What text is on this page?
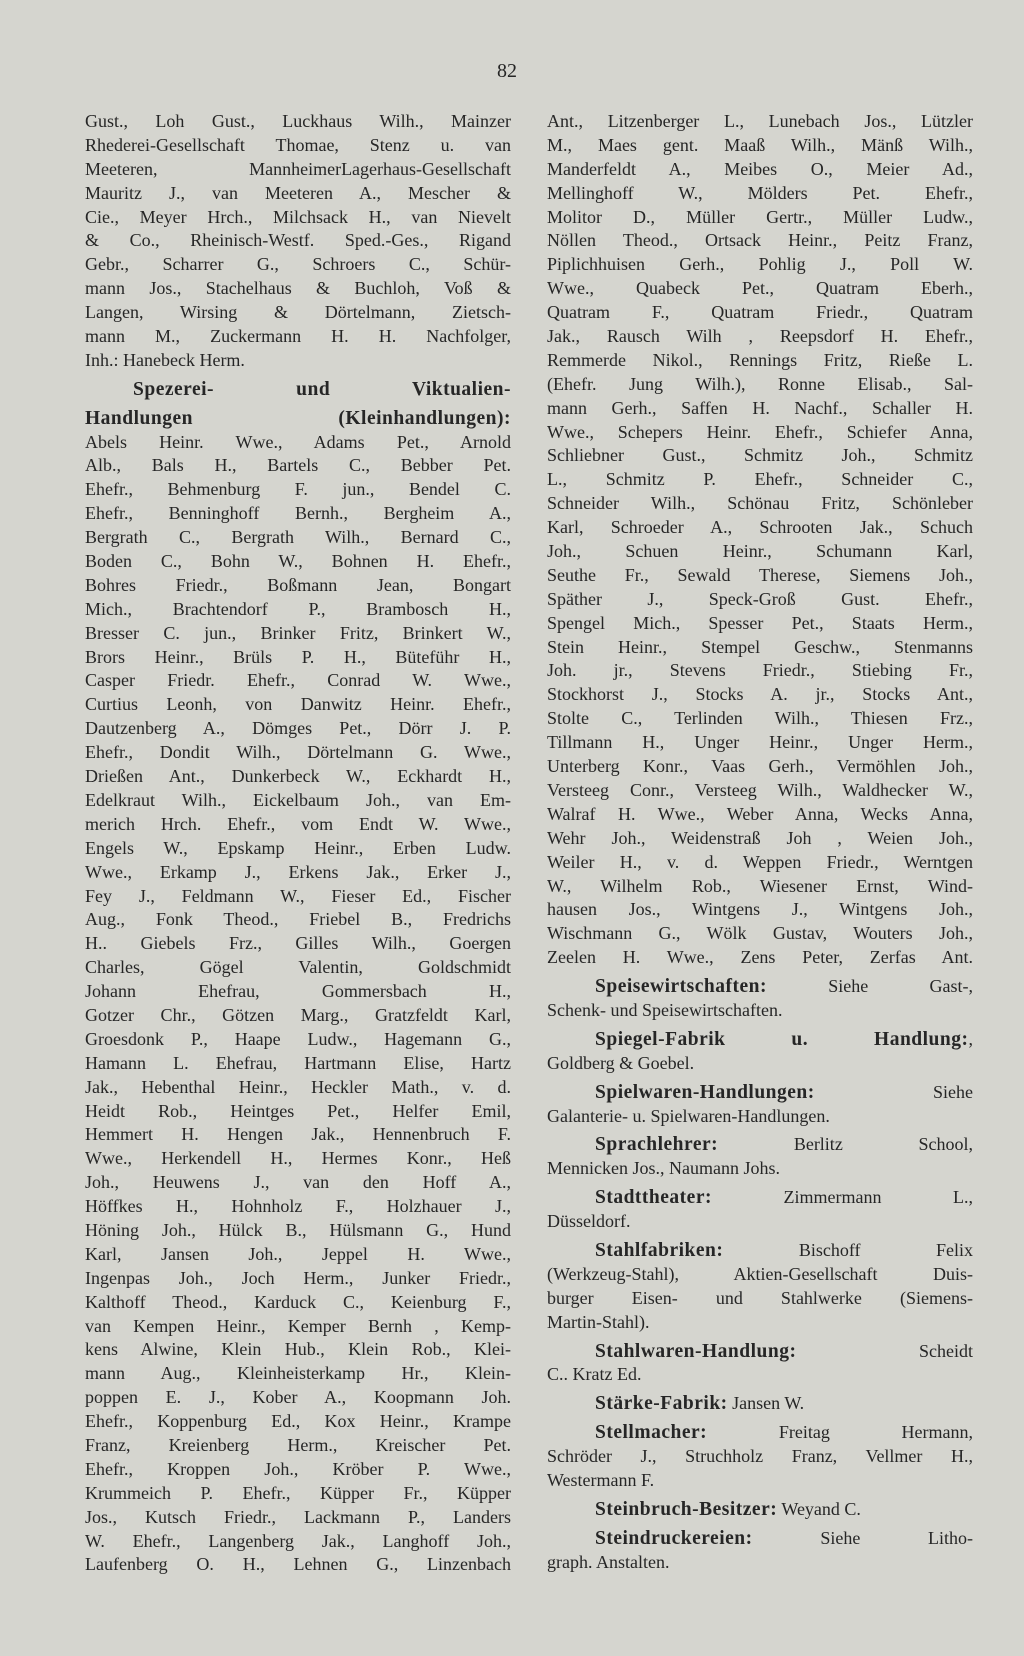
82
Gust., Loh Gust., Luckhaus Wilh., Mainzer
Rhederei-Gesellschaft Thomae, Stenz u. van
Meeteren, MannheimerLagerhaus-Gesellschaft
Mauritz J., van Meeteren A., Mescher &
Cie., Meyer Hrch., Milchsack H., van Nievelt
& Co., Rheinisch-Westf. Sped.-Ges., Rigand
Gebr., Scharrer G., Schroers C., Schür-
mann Jos., Stachelhaus & Buchloh, Voß &
Langen, Wirsing & Dörtelmann, Zietsch-
mann M., Zuckermann H. H. Nachfolger,
Inh.: Hanebeck Herm.
Spezerei- und Viktualien-
Handlungen (Kleinhandlungen):
Abels Heinr. Wwe., Adams Pet., Arnold
Alb., Bals H., Bartels C., Bebber Pet.
Ehefr., Behmenburg F. jun., Bendel C.
Ehefr., Benninghoff Bernh., Bergheim A.,
Bergrath C., Bergrath Wilh., Bernard C.,
Boden C., Bohn W., Bohnen H. Ehefr.,
Bohres Friedr., Boßmann Jean, Bongart
Mich., Brachtendorf P., Brambosch H.,
Bresser C. jun., Brinker Fritz, Brinkert W.,
Brors Heinr., Brüls P. H., Büteführ H.,
Casper Friedr. Ehefr., Conrad W. Wwe.,
Curtius Leonh, von Danwitz Heinr. Ehefr.,
Dautzenberg A., Dömges Pet., Dörr J. P.
Ehefr., Dondit Wilh., Dörtelmann G. Wwe.,
Drießen Ant., Dunkerbeck W., Eckhardt H.,
Edelkraut Wilh., Eickelbaum Joh., van Em-
merich Hrch. Ehefr., vom Endt W. Wwe.,
Engels W., Epskamp Heinr., Erben Ludw.
Wwe., Erkamp J., Erkens Jak., Erker J.,
Fey J., Feldmann W., Fieser Ed., Fischer
Aug., Fonk Theod., Friebel B., Fredrichs
H.. Giebels Frz., Gilles Wilh., Goergen
Charles, Gögel Valentin, Goldschmidt
Johann Ehefrau, Gommersbach H.,
Gotzer Chr., Götzen Marg., Gratzfeldt Karl,
Groesdonk P., Haape Ludw., Hagemann G.,
Hamann L. Ehefrau, Hartmann Elise, Hartz
Jak., Hebenthal Heinr., Heckler Math., v. d.
Heidt Rob., Heintges Pet., Helfer Emil,
Hemmert H. Hengen Jak., Hennenbruch F.
Wwe., Herkendell H., Hermes Konr., Heß
Joh., Heuwens J., van den Hoff A.,
Höffkes H., Hohnholz F., Holzhauer J.,
Höning Joh., Hülck B., Hülsmann G., Hund
Karl, Jansen Joh., Jeppel H. Wwe.,
Ingenpas Joh., Joch Herm., Junker Friedr.,
Kalthoff Theod., Karduck C., Keienburg F.,
van Kempen Heinr., Kemper Bernh , Kemp-
kens Alwine, Klein Hub., Klein Rob., Klei-
mann Aug., Kleinheisterkamp Hr., Klein-
poppen E. J., Kober A., Koopmann Joh.
Ehefr., Koppenburg Ed., Kox Heinr., Krampe
Franz, Kreienberg Herm., Kreischer Pet.
Ehefr., Kroppen Joh., Kröber P. Wwe.,
Krummeich P. Ehefr., Küpper Fr., Küpper
Jos., Kutsch Friedr., Lackmann P., Landers
W. Ehefr., Langenberg Jak., Langhoff Joh.,
Laufenberg O. H., Lehnen G., Linzenbach
Ant., Litzenberger L., Lunebach Jos., Lützler
M., Maes gent. Maaß Wilh., Mänß Wilh.,
Manderfeldt A., Meibes O., Meier Ad.,
Mellinghoff W., Mölders Pet. Ehefr.,
Molitor D., Müller Gertr., Müller Ludw.,
Nöllen Theod., Ortsack Heinr., Peitz Franz,
Piplichhuisen Gerh., Pohlig J., Poll W.
Wwe., Quabeck Pet., Quatram Eberh.,
Quatram F., Quatram Friedr., Quatram
Jak., Rausch Wilh , Reepsdorf H. Ehefr.,
Remmerde Nikol., Rennings Fritz, Rieße L.
(Ehefr. Jung Wilh.), Ronne Elisab., Sal-
mann Gerh., Saffen H. Nachf., Schaller H.
Wwe., Schepers Heinr. Ehefr., Schiefer Anna,
Schliebner Gust., Schmitz Joh., Schmitz
L., Schmitz P. Ehefr., Schneider C.,
Schneider Wilh., Schönau Fritz, Schönleber
Karl, Schroeder A., Schrooten Jak., Schuch
Joh., Schuen Heinr., Schumann Karl,
Seuthe Fr., Sewald Therese, Siemens Joh.,
Späther J., Speck-Groß Gust. Ehefr.,
Spengel Mich., Spesser Pet., Staats Herm.,
Stein Heinr., Stempel Geschw., Stenmanns
Joh. jr., Stevens Friedr., Stiebing Fr.,
Stockhorst J., Stocks A. jr., Stocks Ant.,
Stolte C., Terlinden Wilh., Thiesen Frz.,
Tillmann H., Unger Heinr., Unger Herm.,
Unterberg Konr., Vaas Gerh., Vermöhlen Joh.,
Versteeg Conr., Versteeg Wilh., Waldhecker W.,
Walraf H. Wwe., Weber Anna, Wecks Anna,
Wehr Joh., Weidenstraß Joh , Weien Joh.,
Weiler H., v. d. Weppen Friedr., Werntgen
W., Wilhelm Rob., Wiesener Ernst, Wind-
hausen Jos., Wintgens J., Wintgens Joh.,
Wischmann G., Wölk Gustav, Wouters Joh.,
Zeelen H. Wwe., Zens Peter, Zerfas Ant.
Speisewirtschaften: Siehe Gast-,
Schenk- und Speisewirtschaften.
Spiegel-Fabrik u. Handlung:,
Goldberg & Goebel.
Spielwaren-Handlungen: Siehe
Galanterie- u. Spielwaren-Handlungen.
Sprachlehrer: Berlitz School,
Mennicken Jos., Naumann Johs.
Stadttheater: Zimmermann L.,
Düsseldorf.
Stahlfabriken: Bischoff Felix
(Werkzeug-Stahl), Aktien-Gesellschaft Duis-
burger Eisen- und Stahlwerke (Siemens-
Martin-Stahl).
Stahlwaren-Handlung: Scheidt
C.. Kratz Ed.
Stärke-Fabrik: Jansen W.
Stellmacher: Freitag Hermann,
Schröder J., Struchholz Franz, Vellmer H.,
Westermann F.
Steinbruch-Besitzer: Weyand C.
Steindruckereien: Siehe Litho-
graph. Anstalten.
